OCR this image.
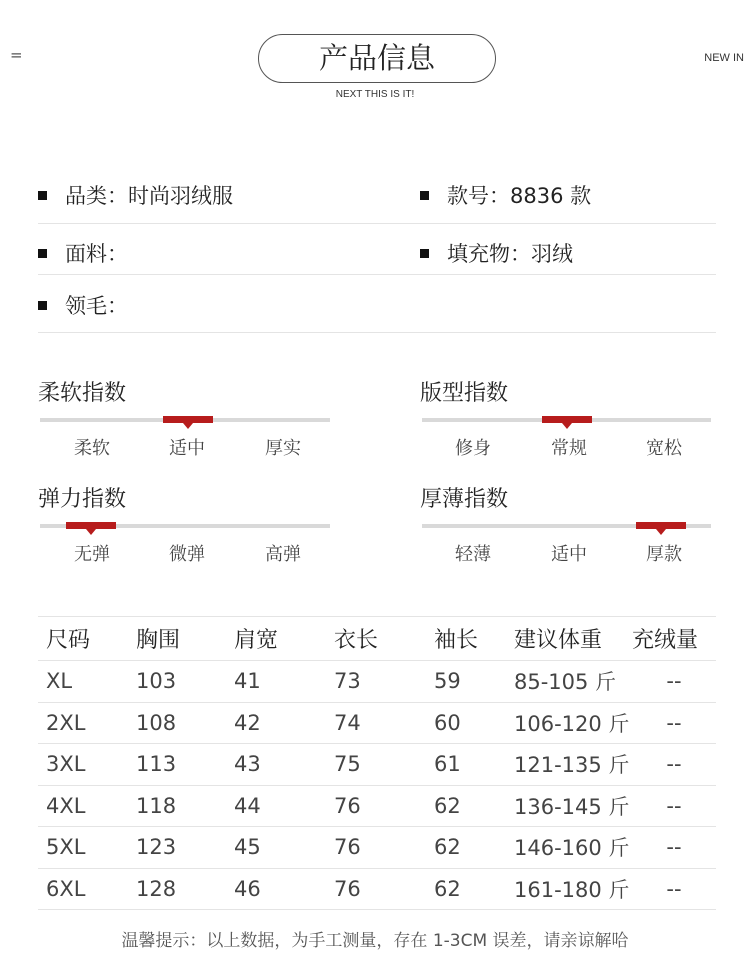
=	NEW IN
产品信息
NEXT THIS IS IT!
品类：时尚羽绒服	款号：8836 款
面料：	填充物：羽绒
领毛：
柔软指数
柔软	适中	厚实
版型指数
修身	常规	宽松
弹力指数
无弹	微弹	高弹
厚薄指数
轻薄	适中	厚款
尺码	胸围	肩宽	衣长	袖长	建议体重	充绒量
XL	103	41	73	59	85-105 斤	--
2XL	108	42	74	60	106-120 斤	--
3XL	113	43	75	61	121-135 斤	--
4XL	118	44	76	62	136-145 斤	--
5XL	123	45	76	62	146-160 斤	--
6XL	128	46	76	62	161-180 斤	--
温馨提示：以上数据，为手工测量，存在 1-3CM 误差，请亲谅解哈
